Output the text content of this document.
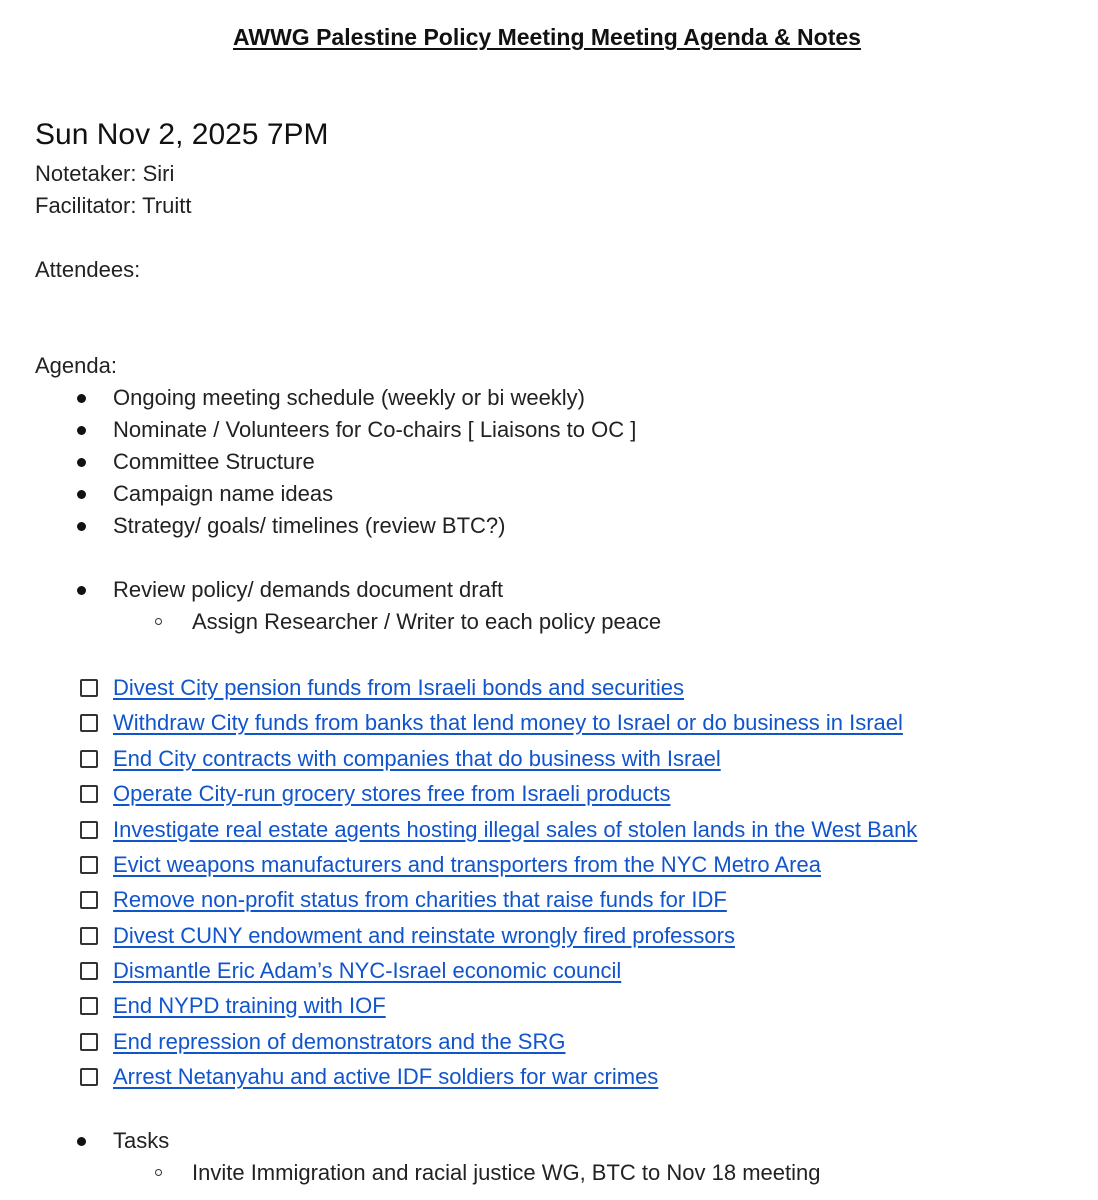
AWWG Palestine Policy Meeting Meeting Agenda & Notes
Sun Nov 2, 2025 7PM
Notetaker: Siri
Facilitator: Truitt
Attendees:
Agenda:
Ongoing meeting schedule (weekly or bi weekly)
Nominate / Volunteers for Co-chairs [ Liaisons to OC ]
Committee Structure
Campaign name ideas
Strategy/ goals/ timelines (review BTC?)
Review policy/ demands document draft
Assign Researcher / Writer to each policy peace
Divest City pension funds from Israeli bonds and securities
Withdraw City funds from banks that lend money to Israel or do business in Israel
End City contracts with companies that do business with Israel
Operate City-run grocery stores free from Israeli products
Investigate real estate agents hosting illegal sales of stolen lands in the West Bank
Evict weapons manufacturers and transporters from the NYC Metro Area
Remove non-profit status from charities that raise funds for IDF
Divest CUNY endowment and reinstate wrongly fired professors
Dismantle Eric Adam’s NYC-Israel economic council
End NYPD training with IOF
End repression of demonstrators and the SRG
Arrest Netanyahu and active IDF soldiers for war crimes
Tasks
Invite Immigration and racial justice WG, BTC to Nov 18 meeting
